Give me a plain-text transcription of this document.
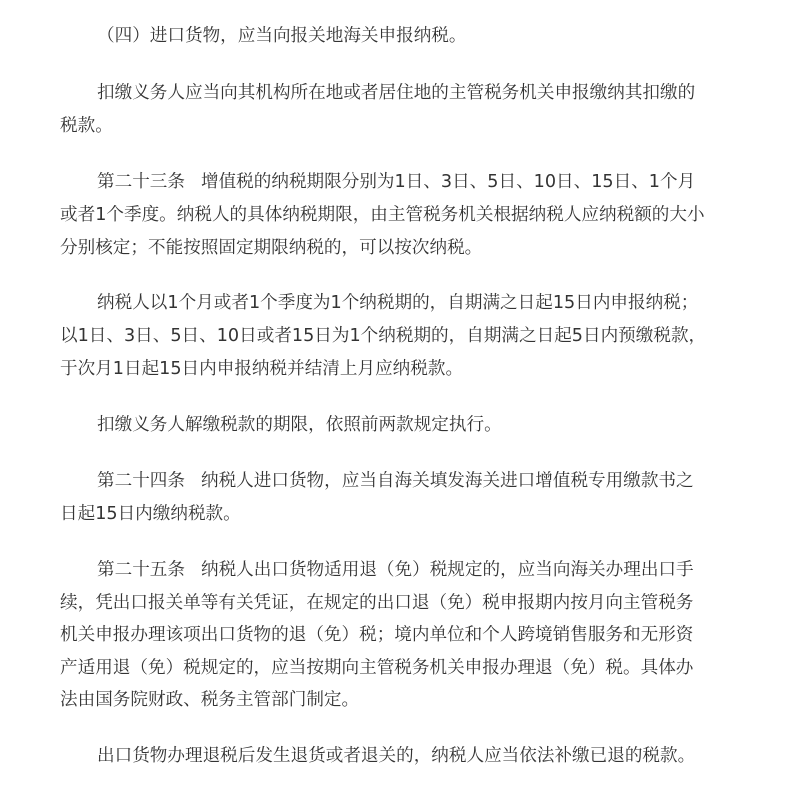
（四）进口货物，应当向报关地海关申报纳税。
扣缴义务人应当向其机构所在地或者居住地的主管税务机关申报缴纳其扣缴的
税款。
第二十三条 增值税的纳税期限分别为1日、3日、5日、10日、15日、1个月
或者1个季度。纳税人的具体纳税期限，由主管税务机关根据纳税人应纳税额的大小
分别核定；不能按照固定期限纳税的，可以按次纳税。
纳税人以1个月或者1个季度为1个纳税期的，自期满之日起15日内申报纳税；
以1日、3日、5日、10日或者15日为1个纳税期的，自期满之日起5日内预缴税款，
于次月1日起15日内申报纳税并结清上月应纳税款。
扣缴义务人解缴税款的期限，依照前两款规定执行。
第二十四条 纳税人进口货物，应当自海关填发海关进口增值税专用缴款书之
日起15日内缴纳税款。
第二十五条 纳税人出口货物适用退（免）税规定的，应当向海关办理出口手
续，凭出口报关单等有关凭证，在规定的出口退（免）税申报期内按月向主管税务
机关申报办理该项出口货物的退（免）税；境内单位和个人跨境销售服务和无形资
产适用退（免）税规定的，应当按期向主管税务机关申报办理退（免）税。具体办
法由国务院财政、税务主管部门制定。
出口货物办理退税后发生退货或者退关的，纳税人应当依法补缴已退的税款。
